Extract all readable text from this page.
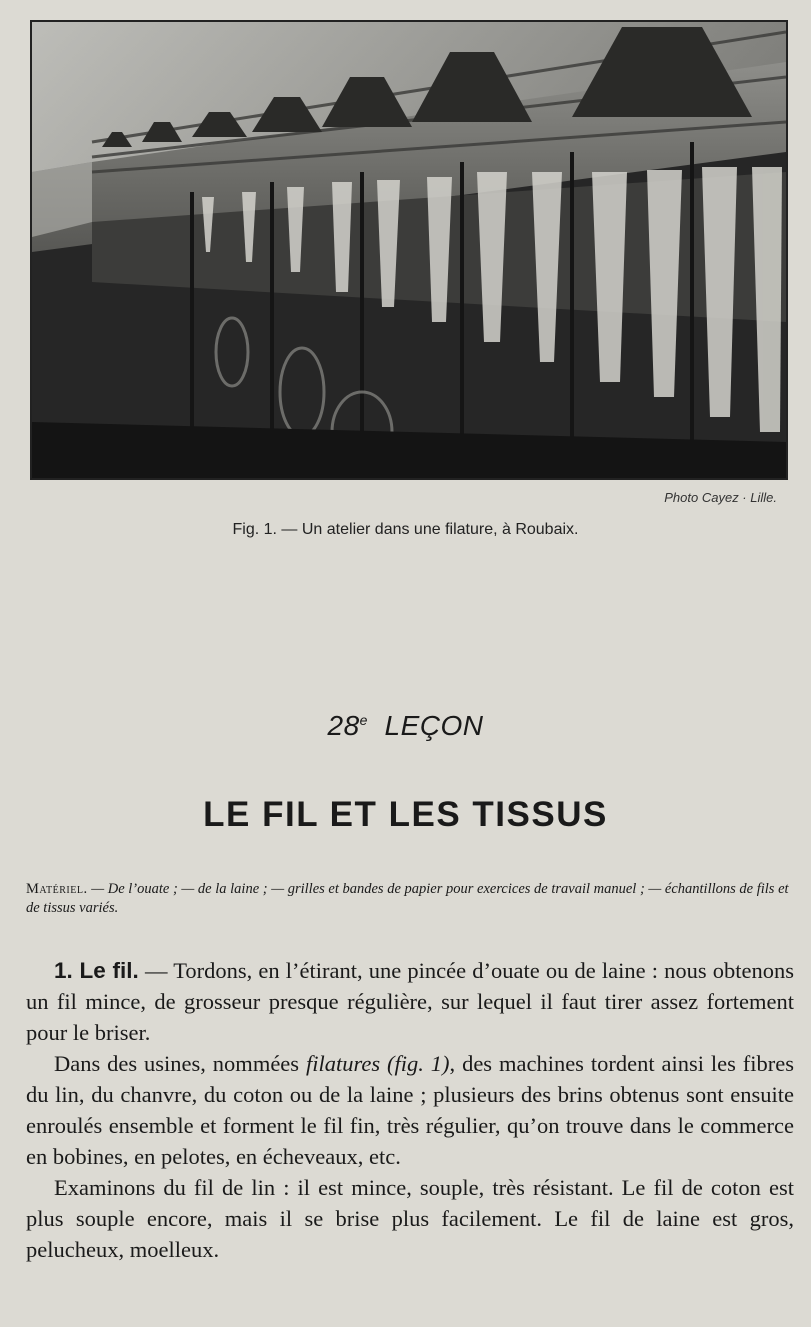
Photo Cayez · Lille.
Fig. 1. — Un atelier dans une filature, à Roubaix.
28e LEÇON
LE FIL ET LES TISSUS
Matériel. — De l’ouate ; — de la laine ; — grilles et bandes de papier pour exercices de travail manuel ; — échantillons de fils et de tissus variés.

1. Le fil. — Tordons, en l’étirant, une pincée d’ouate ou de laine : nous obtenons un fil mince, de grosseur presque régulière, sur lequel il faut tirer assez fortement pour le briser.

Dans des usines, nommées filatures (fig. 1), des machines tordent ainsi les fibres du lin, du chanvre, du coton ou de la laine ; plusieurs des brins obtenus sont ensuite enroulés ensemble et forment le fil fin, très régulier, qu’on trouve dans le commerce en bobines, en pelotes, en écheveaux, etc.

Examinons du fil de lin : il est mince, souple, très résistant. Le fil de coton est plus souple encore, mais il se brise plus facilement. Le fil de laine est gros, pelucheux, moelleux.
